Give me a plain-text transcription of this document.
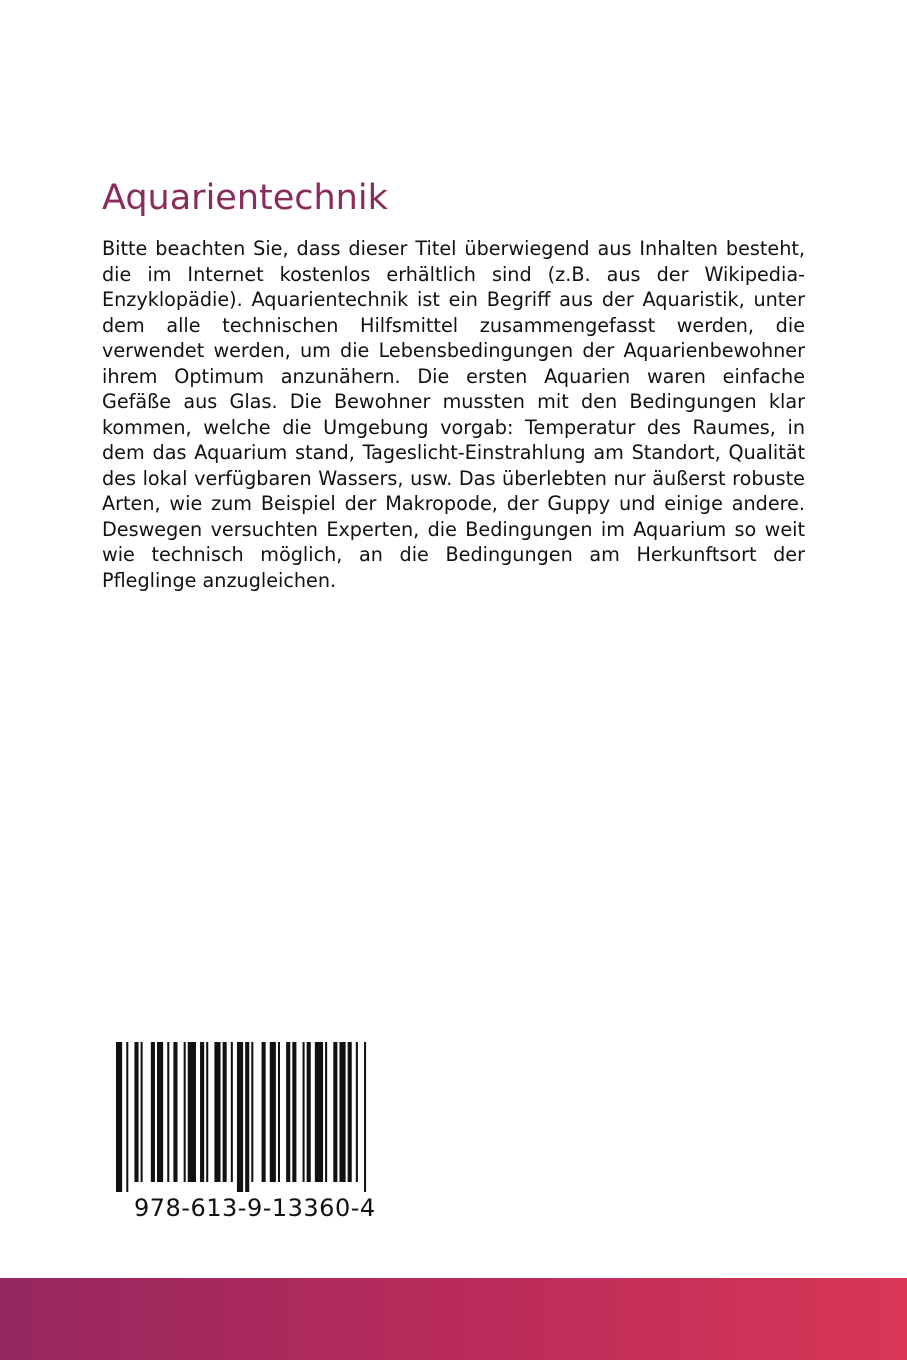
Aquarientechnik

Bitte beachten Sie, dass dieser Titel überwiegend aus Inhalten besteht, die im Internet kostenlos erhältlich sind (z.B. aus der Wikipedia-Enzyklopädie). Aquarientechnik ist ein Begriff aus der Aquaristik, unter dem alle technischen Hilfsmittel zusammengefasst werden, die verwendet werden, um die Lebensbedingungen der Aquarienbewohner ihrem Optimum anzunähern. Die ersten Aquarien waren einfache Gefäße aus Glas. Die Bewohner mussten mit den Bedingungen klar kommen, welche die Umgebung vorgab: Temperatur des Raumes, in dem das Aquarium stand, Tageslicht-Einstrahlung am Standort, Qualität des lokal verfügbaren Wassers, usw. Das überlebten nur äußerst robuste Arten, wie zum Beispiel der Makropode, der Guppy und einige andere. Deswegen versuchten Experten, die Bedingungen im Aquarium so weit wie technisch möglich, an die Bedingungen am Herkunftsort der Pfleglinge anzugleichen.

978-613-9-13360-4
